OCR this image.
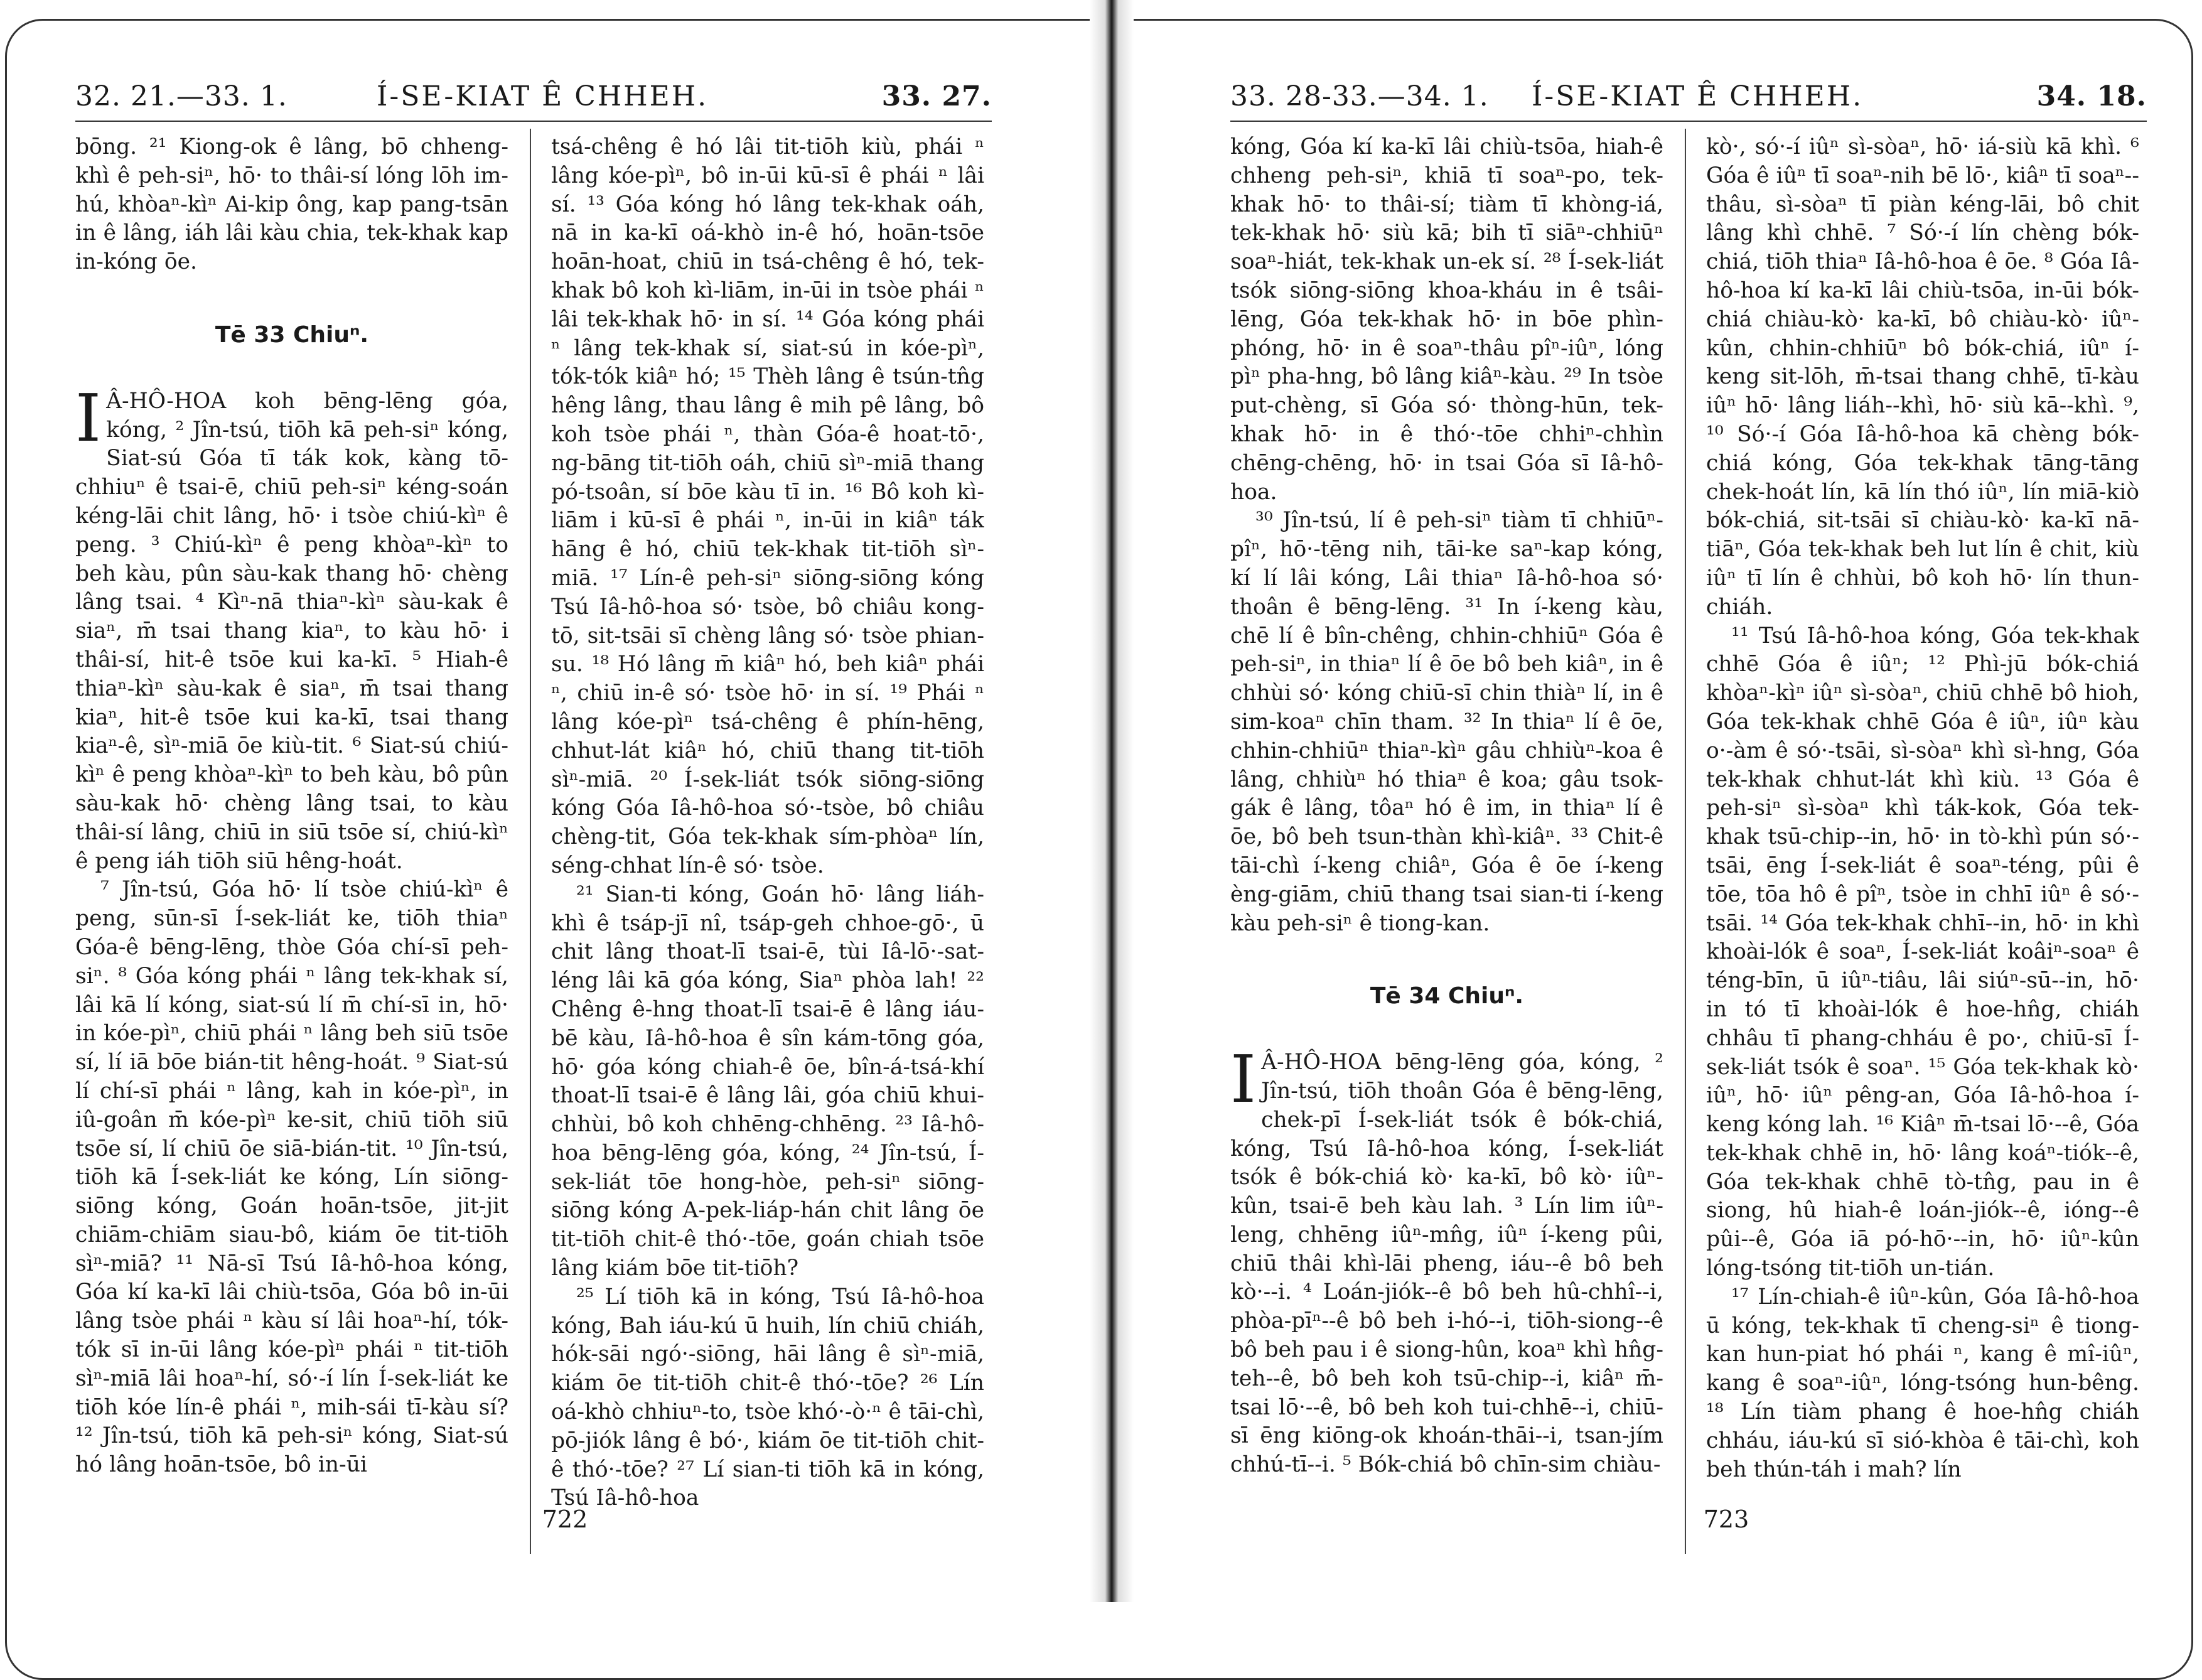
32. 21.—33. 1.	Í-SE-KIAT Ê CHHEH.	33. 27.

bōng. ²¹ Kiong-ok ê lâng, bō chheng-khì ê peh-siⁿ, hō· to thâi-sí lóng lōh im-hú, khòaⁿ-kìⁿ Ai-kip ông, kap pang-tsān in ê lâng, iáh lâi kàu chia, tek-khak kap in-kóng ōe.

Tē 33 Chiuⁿ.

I Â-HÔ-HOA koh bēng-lēng góa, kóng, ² Jîn-tsú, tiōh kā peh-siⁿ kóng, Siat-sú Góa tī ták kok, kàng tō-chhiuⁿ ê tsai-ē, chiū peh-siⁿ kéng-soán kéng-lāi chit lâng, hō· i tsòe chiú-kìⁿ ê peng. ³ Chiú-kìⁿ ê peng khòaⁿ-kìⁿ to beh kàu, pûn sàu-kak thang hō· chèng lâng tsai. ⁴ Kìⁿ-nā thiaⁿ-kìⁿ sàu-kak ê siaⁿ, m̄ tsai thang kiaⁿ, to kàu hō· i thâi-sí, hit-ê tsōe kui ka-kī. ⁵ Hiah-ê thiaⁿ-kìⁿ sàu-kak ê siaⁿ, m̄ tsai thang kiaⁿ, hit-ê tsōe kui ka-kī, tsai thang kiaⁿ-ê, sìⁿ-miā ōe kiù-tit. ⁶ Siat-sú chiú-kìⁿ ê peng khòaⁿ-kìⁿ to beh kàu, bô pûn sàu-kak hō· chèng lâng tsai, to kàu thâi-sí lâng, chiū in siū tsōe sí, chiú-kìⁿ ê peng iáh tiōh siū hêng-hoát.

⁷ Jîn-tsú, Góa hō· lí tsòe chiú-kìⁿ ê peng, sūn-sī Í-sek-liát ke, tiōh thiaⁿ Góa-ê bēng-lēng, thòe Góa chí-sī peh-siⁿ. ⁸ Góa kóng phái ⁿ lâng tek-khak sí, lâi kā lí kóng, siat-sú lí m̄ chí-sī in, hō· in kóe-pìⁿ, chiū phái ⁿ lâng beh siū tsōe sí, lí iā bōe bián-tit hêng-hoát. ⁹ Siat-sú lí chí-sī phái ⁿ lâng, kah in kóe-pìⁿ, in iû-goân m̄ kóe-pìⁿ ke-sit, chiū tiōh siū tsōe sí, lí chiū ōe siā-bián-tit. ¹⁰ Jîn-tsú, tiōh kā Í-sek-liát ke kóng, Lín siōng-siōng kóng, Goán hoān-tsōe, jit-jit chiām-chiām siau-bô, kiám ōe tit-tiōh sìⁿ-miā? ¹¹ Nā-sī Tsú Iâ-hô-hoa kóng, Góa kí ka-kī lâi chiù-tsōa, Góa bô in-ūi lâng tsòe phái ⁿ kàu sí lâi hoaⁿ-hí, tók-tók sī in-ūi lâng kóe-pìⁿ phái ⁿ tit-tiōh sìⁿ-miā lâi hoaⁿ-hí, só·-í lín Í-sek-liát ke tiōh kóe lín-ê phái ⁿ, mih-sái tī-kàu sí? ¹² Jîn-tsú, tiōh kā peh-siⁿ kóng, Siat-sú hó lâng hoān-tsōe, bô in-ūi

tsá-chêng ê hó lâi tit-tiōh kiù, phái ⁿ lâng kóe-pìⁿ, bô in-ūi kū-sī ê phái ⁿ lâi sí. ¹³ Góa kóng hó lâng tek-khak oáh, nā in ka-kī oá-khò in-ê hó, hoān-tsōe hoān-hoat, chiū in tsá-chêng ê hó, tek-khak bô koh kì-liām, in-ūi in tsòe phái ⁿ lâi tek-khak hō· in sí. ¹⁴ Góa kóng phái ⁿ lâng tek-khak sí, siat-sú in kóe-pìⁿ, tók-tók kiâⁿ hó; ¹⁵ Thèh lâng ê tsún-tn̂g hêng lâng, thau lâng ê mih pê lâng, bô koh tsòe phái ⁿ, thàn Góa-ê hoat-tō·, ng-bāng tit-tiōh oáh, chiū sìⁿ-miā thang pó-tsoân, sí bōe kàu tī in. ¹⁶ Bô koh kì-liām i kū-sī ê phái ⁿ, in-ūi in kiâⁿ ták hāng ê hó, chiū tek-khak tit-tiōh sìⁿ-miā. ¹⁷ Lín-ê peh-siⁿ siōng-siōng kóng Tsú Iâ-hô-hoa só· tsòe, bô chiâu kong-tō, sit-tsāi sī chèng lâng só· tsòe phian-su. ¹⁸ Hó lâng m̄ kiâⁿ hó, beh kiâⁿ phái ⁿ, chiū in-ê só· tsòe hō· in sí. ¹⁹ Phái ⁿ lâng kóe-pìⁿ tsá-chêng ê phín-hēng, chhut-lát kiâⁿ hó, chiū thang tit-tiōh sìⁿ-miā. ²⁰ Í-sek-liát tsók siōng-siōng kóng Góa Iâ-hô-hoa só·-tsòe, bô chiâu chèng-tit, Góa tek-khak sím-phòaⁿ lín, séng-chhat lín-ê só· tsòe.

²¹ Sian-ti kóng, Goán hō· lâng liáh-khì ê tsáp-jī nî, tsáp-geh chhoe-gō·, ū chit lâng thoat-lī tsai-ē, tùi Iâ-lō·-sat-léng lâi kā góa kóng, Siaⁿ phòa lah! ²² Chêng ê-hng thoat-lī tsai-ē ê lâng iáu-bē kàu, Iâ-hô-hoa ê sîn kám-tōng góa, hō· góa kóng chiah-ê ōe, bîn-á-tsá-khí thoat-lī tsai-ē ê lâng lâi, góa chiū khui-chhùi, bô koh chhēng-chhēng. ²³ Iâ-hô-hoa bēng-lēng góa, kóng, ²⁴ Jîn-tsú, Í-sek-liát tōe hong-hòe, peh-siⁿ siōng-siōng kóng A-pek-liáp-hán chit lâng ōe tit-tiōh chit-ê thó·-tōe, goán chiah tsōe lâng kiám bōe tit-tiōh?

²⁵ Lí tiōh kā in kóng, Tsú Iâ-hô-hoa kóng, Bah iáu-kú ū huih, lín chiū chiáh, hók-sāi ngó·-siōng, hāi lâng ê sìⁿ-miā, kiám ōe tit-tiōh chit-ê thó·-tōe? ²⁶ Lín oá-khò chhiuⁿ-to, tsòe khó·-ò·ⁿ ê tāi-chì, pō-jiók lâng ê bó·, kiám ōe tit-tiōh chit-ê thó·-tōe? ²⁷ Lí sian-ti tiōh kā in kóng, Tsú Iâ-hô-hoa

722
33. 28-33.—34. 1. Í-SE-KIAT Ê CHHEH.	34. 18.

kóng, Góa kí ka-kī lâi chiù-tsōa, hiah-ê chheng peh-siⁿ, khiā tī soaⁿ-po, tek-khak hō· to thâi-sí; tiàm tī khòng-iá, tek-khak hō· siù kā; bih tī siāⁿ-chhiūⁿ soaⁿ-hiát, tek-khak un-ek sí. ²⁸ Í-sek-liát tsók siōng-siōng khoa-kháu in ê tsâi-lēng, Góa tek-khak hō· in bōe phìn-phóng, hō· in ê soaⁿ-thâu pîⁿ-iûⁿ, lóng pìⁿ pha-hng, bô lâng kiâⁿ-kàu. ²⁹ In tsòe put-chèng, sī Góa só· thòng-hūn, tek-khak hō· in ê thó·-tōe chhiⁿ-chhìn chēng-chēng, hō· in tsai Góa sī Iâ-hô-hoa.

³⁰ Jîn-tsú, lí ê peh-siⁿ tiàm tī chhiūⁿ-pîⁿ, hō·-tēng nih, tāi-ke saⁿ-kap kóng, kí lí lâi kóng, Lâi thiaⁿ Iâ-hô-hoa só· thoân ê bēng-lēng. ³¹ In í-keng kàu, chē lí ê bîn-chêng, chhin-chhiūⁿ Góa ê peh-siⁿ, in thiaⁿ lí ê ōe bô beh kiâⁿ, in ê chhùi só· kóng chiū-sī chin thiàⁿ lí, in ê sim-koaⁿ chīn tham. ³² In thiaⁿ lí ê ōe, chhin-chhiūⁿ thiaⁿ-kìⁿ gâu chhiùⁿ-koa ê lâng, chhiùⁿ hó thiaⁿ ê koa; gâu tsok-gák ê lâng, tôaⁿ hó ê im, in thiaⁿ lí ê ōe, bô beh tsun-thàn khì-kiâⁿ. ³³ Chit-ê tāi-chì í-keng chiâⁿ, Góa ê ōe í-keng èng-giām, chiū thang tsai sian-ti í-keng kàu peh-siⁿ ê tiong-kan.

Tē 34 Chiuⁿ.

I Â-HÔ-HOA bēng-lēng góa, kóng, ² Jîn-tsú, tiōh thoân Góa ê bēng-lēng, chek-pī Í-sek-liát tsók ê bók-chiá, kóng, Tsú Iâ-hô-hoa kóng, Í-sek-liát tsók ê bók-chiá kò· ka-kī, bô kò· iûⁿ-kûn, tsai-ē beh kàu lah. ³ Lín lim iûⁿ-leng, chhēng iûⁿ-mn̂g, iûⁿ í-keng pûi, chiū thâi khì-lāi pheng, iáu--ê bô beh kò·--i. ⁴ Loán-jiók--ê bô beh hû-chhî--i, phòa-pīⁿ--ê bô beh i-hó--i, tiōh-siong--ê bô beh pau i ê siong-hûn, koaⁿ khì hn̂g-teh--ê, bô beh koh tsū-chip--i, kiâⁿ m̄-tsai lō·--ê, bô beh koh tui-chhē--i, chiū-sī ēng kiōng-ok khoán-thāi--i, tsan-jím chhú-tī--i. ⁵ Bók-chiá bô chīn-sim chiàu-

kò·, só·-í iûⁿ sì-sòaⁿ, hō· iá-siù kā khì. ⁶ Góa ê iûⁿ tī soaⁿ-nih bē lō·, kiâⁿ tī soaⁿ--thâu, sì-sòaⁿ tī piàn kéng-lāi, bô chit lâng khì chhē. ⁷ Só·-í lín chèng bók-chiá, tiōh thiaⁿ Iâ-hô-hoa ê ōe. ⁸ Góa Iâ-hô-hoa kí ka-kī lâi chiù-tsōa, in-ūi bók-chiá chiàu-kò· ka-kī, bô chiàu-kò· iûⁿ-kûn, chhin-chhiūⁿ bô bók-chiá, iûⁿ í-keng sit-lōh, m̄-tsai thang chhē, tī-kàu iûⁿ hō· lâng liáh--khì, hō· siù kā--khì. ⁹, ¹⁰ Só·-í Góa Iâ-hô-hoa kā chèng bók-chiá kóng, Góa tek-khak tāng-tāng chek-hoát lín, kā lín thó iûⁿ, lín miā-kiò bók-chiá, sit-tsāi sī chiàu-kò· ka-kī nā-tiāⁿ, Góa tek-khak beh lut lín ê chit, kiù iûⁿ tī lín ê chhùi, bô koh hō· lín thun-chiáh.

¹¹ Tsú Iâ-hô-hoa kóng, Góa tek-khak chhē Góa ê iûⁿ; ¹² Phì-jū bók-chiá khòaⁿ-kìⁿ iûⁿ sì-sòaⁿ, chiū chhē bô hioh, Góa tek-khak chhē Góa ê iûⁿ, iûⁿ kàu o·-àm ê só·-tsāi, sì-sòaⁿ khì sì-hng, Góa tek-khak chhut-lát khì kiù. ¹³ Góa ê peh-siⁿ sì-sòaⁿ khì ták-kok, Góa tek-khak tsū-chip--in, hō· in tò-khì pún só·-tsāi, ēng Í-sek-liát ê soaⁿ-téng, pûi ê tōe, tōa hô ê pîⁿ, tsòe in chhī iûⁿ ê só·-tsāi. ¹⁴ Góa tek-khak chhī--in, hō· in khì khoài-lók ê soaⁿ, Í-sek-liát koâiⁿ-soaⁿ ê téng-bīn, ū iûⁿ-tiâu, lâi siúⁿ-sū--in, hō· in tó tī khoài-lók ê hoe-hn̂g, chiáh chhâu tī phang-chháu ê po·, chiū-sī Í-sek-liát tsók ê soaⁿ. ¹⁵ Góa tek-khak kò· iûⁿ, hō· iûⁿ pêng-an, Góa Iâ-hô-hoa í-keng kóng lah. ¹⁶ Kiâⁿ m̄-tsai lō·--ê, Góa tek-khak chhē in, hō· lâng koáⁿ-tiók--ê, Góa tek-khak chhē tò-tn̂g, pau in ê siong, hû hiah-ê loán-jiók--ê, ióng--ê pûi--ê, Góa iā pó-hō·--in, hō· iûⁿ-kûn lóng-tsóng tit-tiōh un-tián.

¹⁷ Lín-chiah-ê iûⁿ-kûn, Góa Iâ-hô-hoa ū kóng, tek-khak tī cheng-siⁿ ê tiong-kan hun-piat hó phái ⁿ, kang ê mî-iûⁿ, kang ê soaⁿ-iûⁿ, lóng-tsóng hun-bêng. ¹⁸ Lín tiàm phang ê hoe-hn̂g chiáh chháu, iáu-kú sī sió-khòa ê tāi-chì, koh beh thún-táh i mah? lín

723
